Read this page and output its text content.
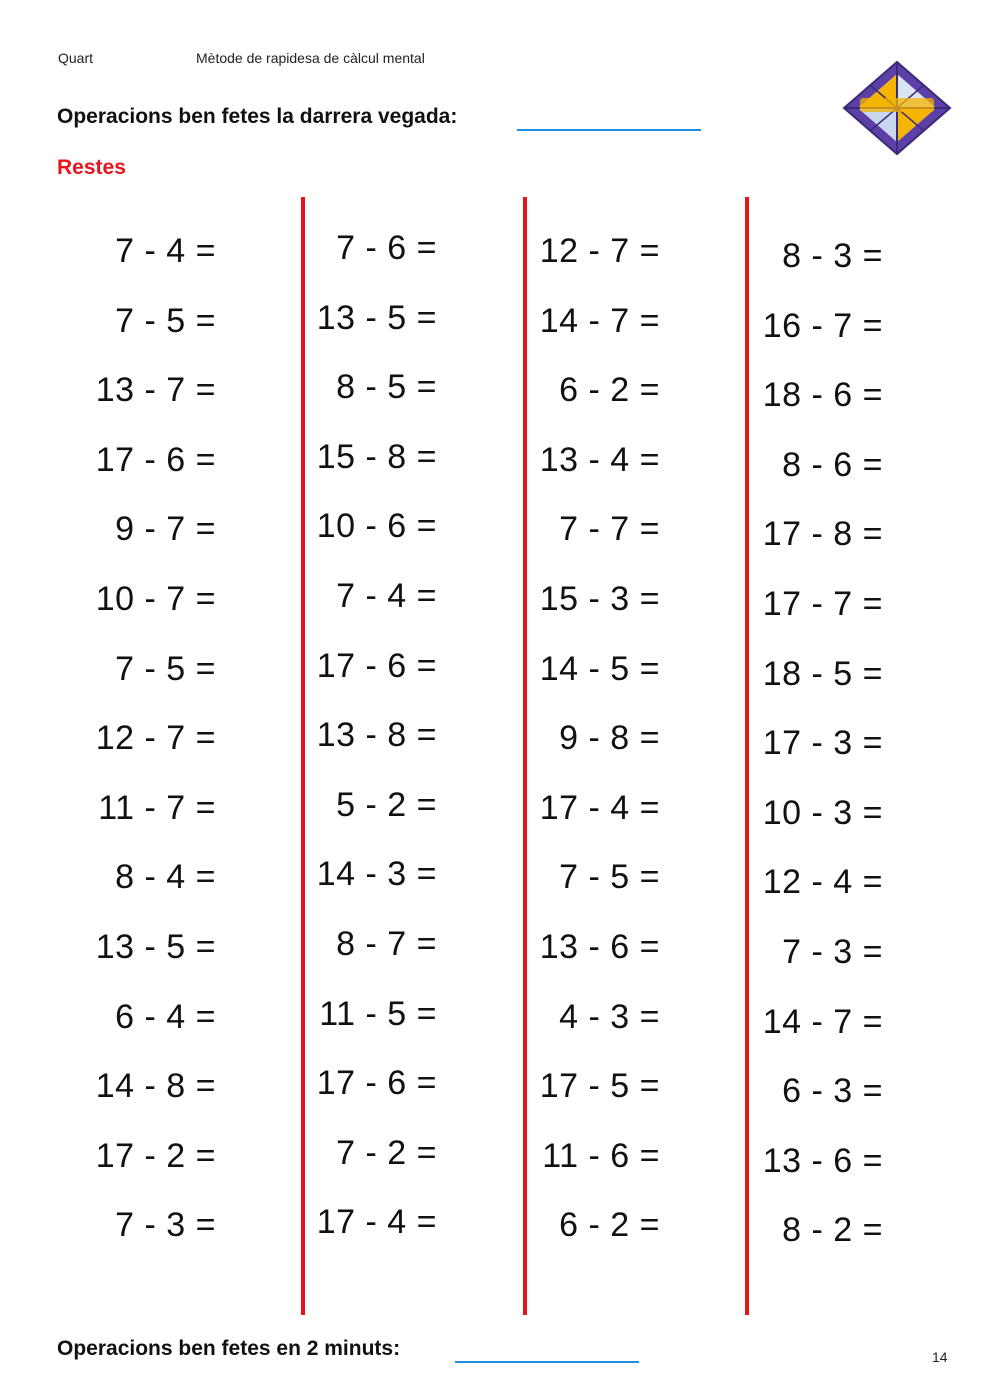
Quart	Mètode de rapidesa de càlcul mental
Operacions ben fetes la darrera vegada:
Restes
7 - 4 =
7 - 5 =
13 - 7 =
17 - 6 =
9 - 7 =
10 - 7 =
7 - 5 =
12 - 7 =
11 - 7 =
8 - 4 =
13 - 5 =
6 - 4 =
14 - 8 =
17 - 2 =
7 - 3 =
7 - 6 =
13 - 5 =
8 - 5 =
15 - 8 =
10 - 6 =
7 - 4 =
17 - 6 =
13 - 8 =
5 - 2 =
14 - 3 =
8 - 7 =
11 - 5 =
17 - 6 =
7 - 2 =
17 - 4 =
12 - 7 =
14 - 7 =
6 - 2 =
13 - 4 =
7 - 7 =
15 - 3 =
14 - 5 =
9 - 8 =
17 - 4 =
7 - 5 =
13 - 6 =
4 - 3 =
17 - 5 =
11 - 6 =
6 - 2 =
8 - 3 =
16 - 7 =
18 - 6 =
8 - 6 =
17 - 8 =
17 - 7 =
18 - 5 =
17 - 3 =
10 - 3 =
12 - 4 =
7 - 3 =
14 - 7 =
6 - 3 =
13 - 6 =
8 - 2 =
Operacions ben fetes en 2 minuts:	14
